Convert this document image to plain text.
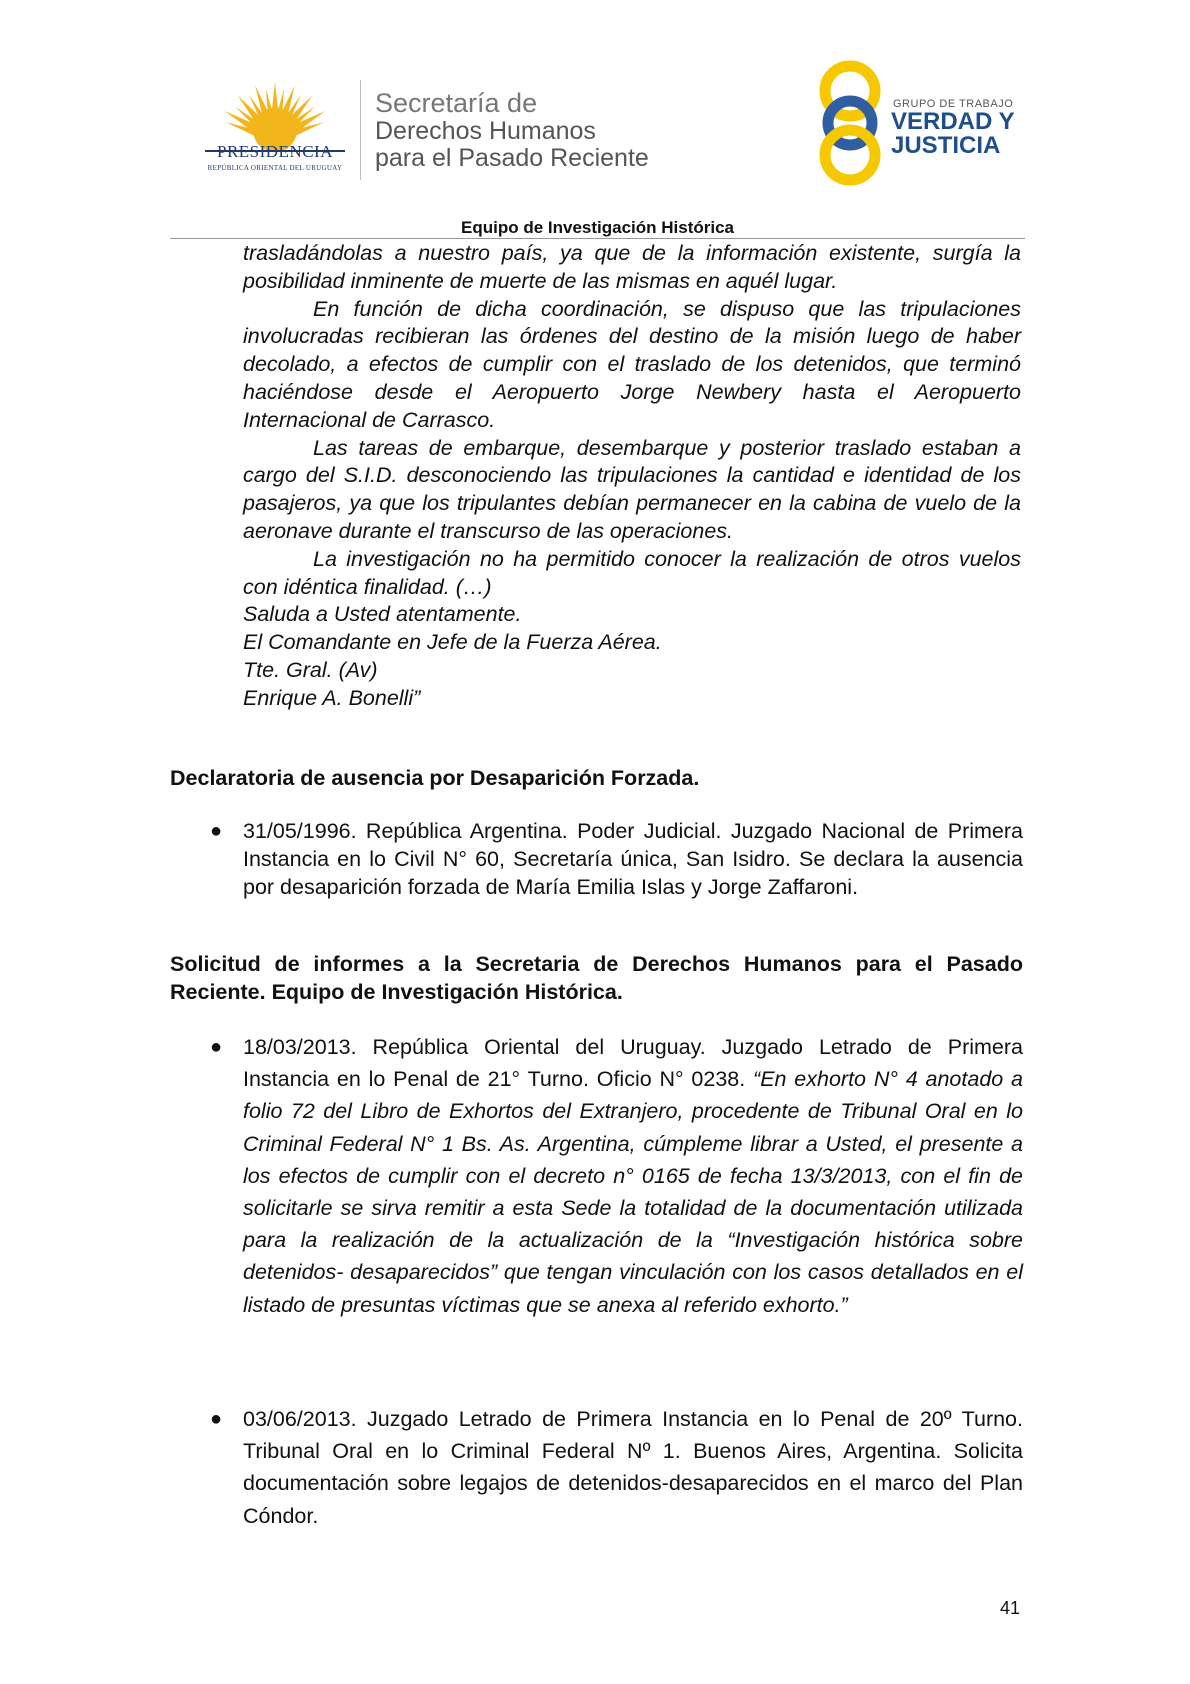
PRESIDENCIA
REPÚBLICA ORIENTAL DEL URUGUAY
Secretaría de
Derechos Humanos
para el Pasado Reciente
GRUPO DE TRABAJO
VERDAD Y
JUSTICIA
Equipo de Investigación Histórica

trasladándolas a nuestro país, ya que de la información existente, surgía la posibilidad inminente de muerte de las mismas en aquél lugar.

En función de dicha coordinación, se dispuso que las tripulaciones involucradas recibieran las órdenes del destino de la misión luego de haber decolado, a efectos de cumplir con el traslado de los detenidos, que terminó haciéndose desde el Aeropuerto Jorge Newbery hasta el Aeropuerto Internacional de Carrasco.

Las tareas de embarque, desembarque y posterior traslado estaban a cargo del S.I.D. desconociendo las tripulaciones la cantidad e identidad de los pasajeros, ya que los tripulantes debían permanecer en la cabina de vuelo de la aeronave durante el transcurso de las operaciones.

La investigación no ha permitido conocer la realización de otros vuelos con idéntica finalidad. (…)

Saluda a Usted atentamente.

El Comandante en Jefe de la Fuerza Aérea.

Tte. Gral. (Av)

Enrique A. Bonelli”

Declaratoria de ausencia por Desaparición Forzada.
● 31/05/1996. República Argentina. Poder Judicial. Juzgado Nacional de Primera Instancia en lo Civil N° 60, Secretaría única, San Isidro. Se declara la ausencia por desaparición forzada de María Emilia Islas y Jorge Zaffaroni.
Solicitud de informes a la Secretaria de Derechos Humanos para el Pasado Reciente. Equipo de Investigación Histórica.
● 18/03/2013. República Oriental del Uruguay. Juzgado Letrado de Primera Instancia en lo Penal de 21° Turno. Oficio N° 0238. “En exhorto N° 4 anotado a folio 72 del Libro de Exhortos del Extranjero, procedente de Tribunal Oral en lo Criminal Federal N° 1 Bs. As. Argentina, cúmpleme librar a Usted, el presente a los efectos de cumplir con el decreto n° 0165 de fecha 13/3/2013, con el fin de solicitarle se sirva remitir a esta Sede la totalidad de la documentación utilizada para la realización de la actualización de la “Investigación histórica sobre detenidos- desaparecidos” que tengan vinculación con los casos detallados en el listado de presuntas víctimas que se anexa al referido exhorto.”
● 03/06/2013. Juzgado Letrado de Primera Instancia en lo Penal de 20º Turno. Tribunal Oral en lo Criminal Federal Nº 1. Buenos Aires, Argentina. Solicita documentación sobre legajos de detenidos-desaparecidos en el marco del Plan Cóndor.
41
